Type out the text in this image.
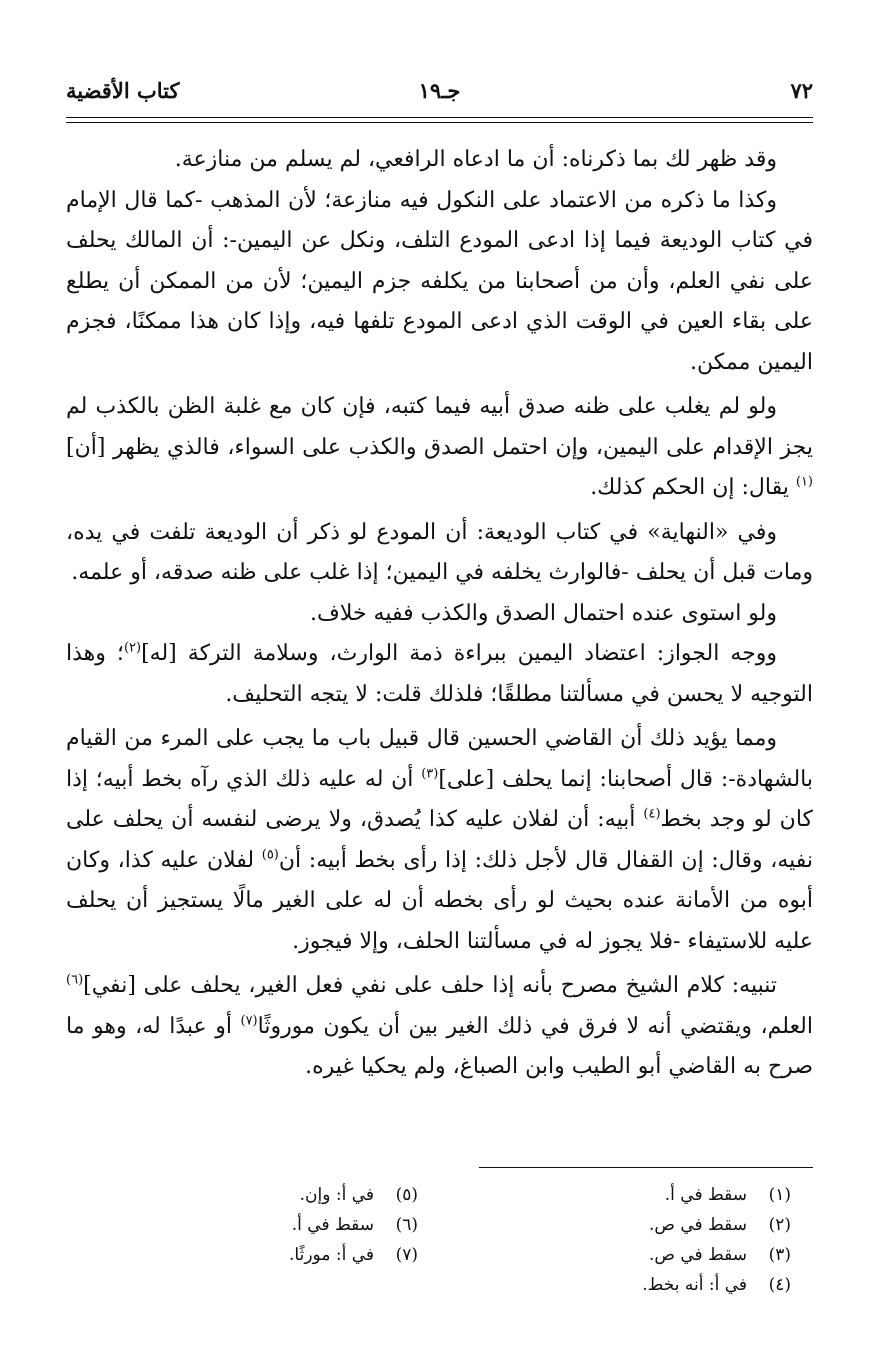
٧٢
جـ١٩
كتاب الأقضية

وقد ظهر لك بما ذكرناه: أن ما ادعاه الرافعي، لم يسلم من منازعة.

وكذا ما ذكره من الاعتماد على النكول فيه منازعة؛ لأن المذهب -كما قال الإمام في كتاب الوديعة فيما إذا ادعى المودع التلف، ونكل عن اليمين-: أن المالك يحلف على نفي العلم، وأن من أصحابنا من يكلفه جزم اليمين؛ لأن من الممكن أن يطلع على بقاء العين في الوقت الذي ادعى المودع تلفها فيه، وإذا كان هذا ممكنًا، فجزم اليمين ممكن.

ولو لم يغلب على ظنه صدق أبيه فيما كتبه، فإن كان مع غلبة الظن بالكذب لم يجز الإقدام على اليمين، وإن احتمل الصدق والكذب على السواء، فالذي يظهر [أن]$^{(١)}$ يقال: إن الحكم كذلك.

وفي «النهاية» في كتاب الوديعة: أن المودع لو ذكر أن الوديعة تلفت في يده، ومات قبل أن يحلف -فالوارث يخلفه في اليمين؛ إذا غلب على ظنه صدقه، أو علمه.

ولو استوى عنده احتمال الصدق والكذب ففيه خلاف.

ووجه الجواز: اعتضاد اليمين ببراءة ذمة الوارث، وسلامة التركة [له]$^{(٢)}$؛ وهذا التوجيه لا يحسن في مسألتنا مطلقًا؛ فلذلك قلت: لا يتجه التحليف.

ومما يؤيد ذلك أن القاضي الحسين قال قبيل باب ما يجب على المرء من القيام بالشهادة-: قال أصحابنا: إنما يحلف [على]$^{(٣)}$ أن له عليه ذلك الذي رآه بخط أبيه؛ إذا كان لو وجد بخط$^{(٤)}$ أبيه: أن لفلان عليه كذا يُصدق، ولا يرضى لنفسه أن يحلف على نفيه، وقال: إن القفال قال لأجل ذلك: إذا رأى بخط أبيه: أن$^{(٥)}$ لفلان عليه كذا، وكان أبوه من الأمانة عنده بحيث لو رأى بخطه أن له على الغير مالًا يستجيز أن يحلف عليه للاستيفاء -فلا يجوز له في مسألتنا الحلف، وإلا فيجوز.

تنبيه: كلام الشيخ مصرح بأنه إذا حلف على نفي فعل الغير، يحلف على [نفي]$^{(٦)}$ العلم، ويقتضي أنه لا فرق في ذلك الغير بين أن يكون موروثًا$^{(٧)}$ أو عبدًا له، وهو ما صرح به القاضي أبو الطيب وابن الصباغ، ولم يحكيا غيره.

(١)سقط في أ.
(٢)سقط في ص.
(٣)سقط في ص.
(٤)في أ: أنه بخط.
(٥)في أ: وإن.
(٦)سقط في أ.
(٧)في أ: مورثًا.
